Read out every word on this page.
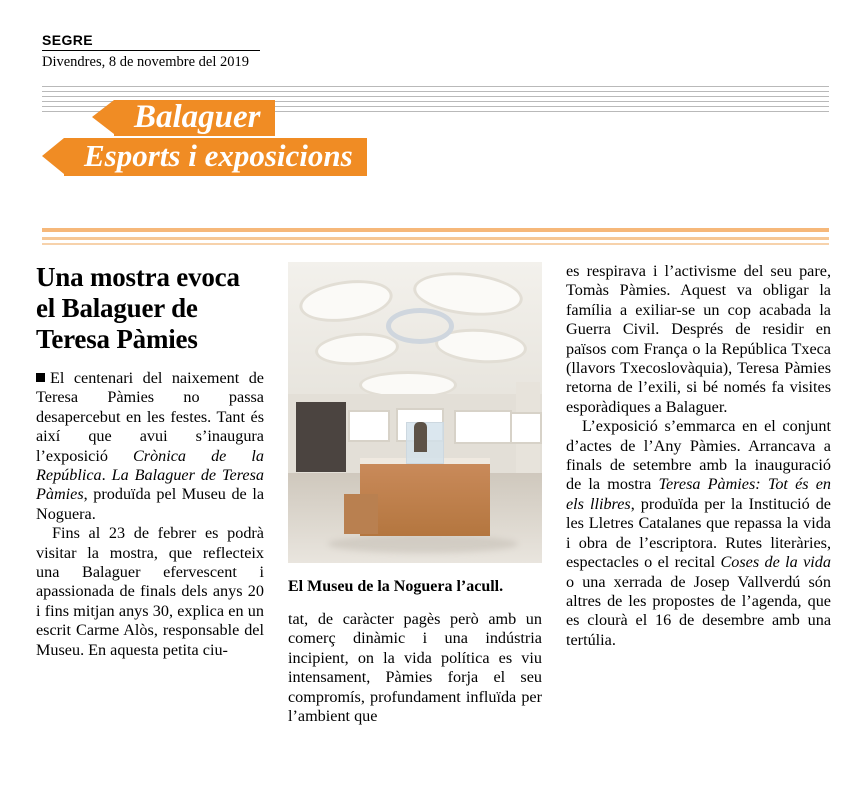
SEGRE
Divendres, 8 de novembre del 2019
Balaguer
Esports i exposicions
Una mostra evoca el Balaguer de Teresa Pàmies

El centenari del naixement de Teresa Pàmies no passa desapercebut en les festes. Tant és així que avui s’inaugura l’exposició Crònica de la República. La Balaguer de Teresa Pàmies, produïda pel Museu de la Noguera.

Fins al 23 de febrer es podrà visitar la mostra, que reflecteix una Balaguer efervescent i apassionada de finals dels anys 20 i fins mitjan anys 30, explica en un escrit Carme Alòs, responsable del Museu. En aquesta petita ciu-

El Museu de la Noguera l’acull.

tat, de caràcter pagès però amb un comerç dinàmic i una indústria incipient, on la vida política es viu intensament, Pàmies forja el seu compromís, profundament influïda per l’ambient que

es respirava i l’activisme del seu pare, Tomàs Pàmies. Aquest va obligar la família a exiliar-se un cop acabada la Guerra Civil. Després de residir en països com França o la República Txeca (llavors Txecoslovàquia), Teresa Pàmies retorna de l’exili, si bé només fa visites esporàdiques a Balaguer.

L’exposició s’emmarca en el conjunt d’actes de l’Any Pàmies. Arrancava a finals de setembre amb la inauguració de la mostra Teresa Pàmies: Tot és en els llibres, produïda per la Institució de les Lletres Catalanes que repassa la vida i obra de l’escriptora. Rutes literàries, espectacles o el recital Coses de la vida o una xerrada de Josep Vallverdú són altres de les propostes de l’agenda, que es clourà el 16 de desembre amb una tertúlia.
